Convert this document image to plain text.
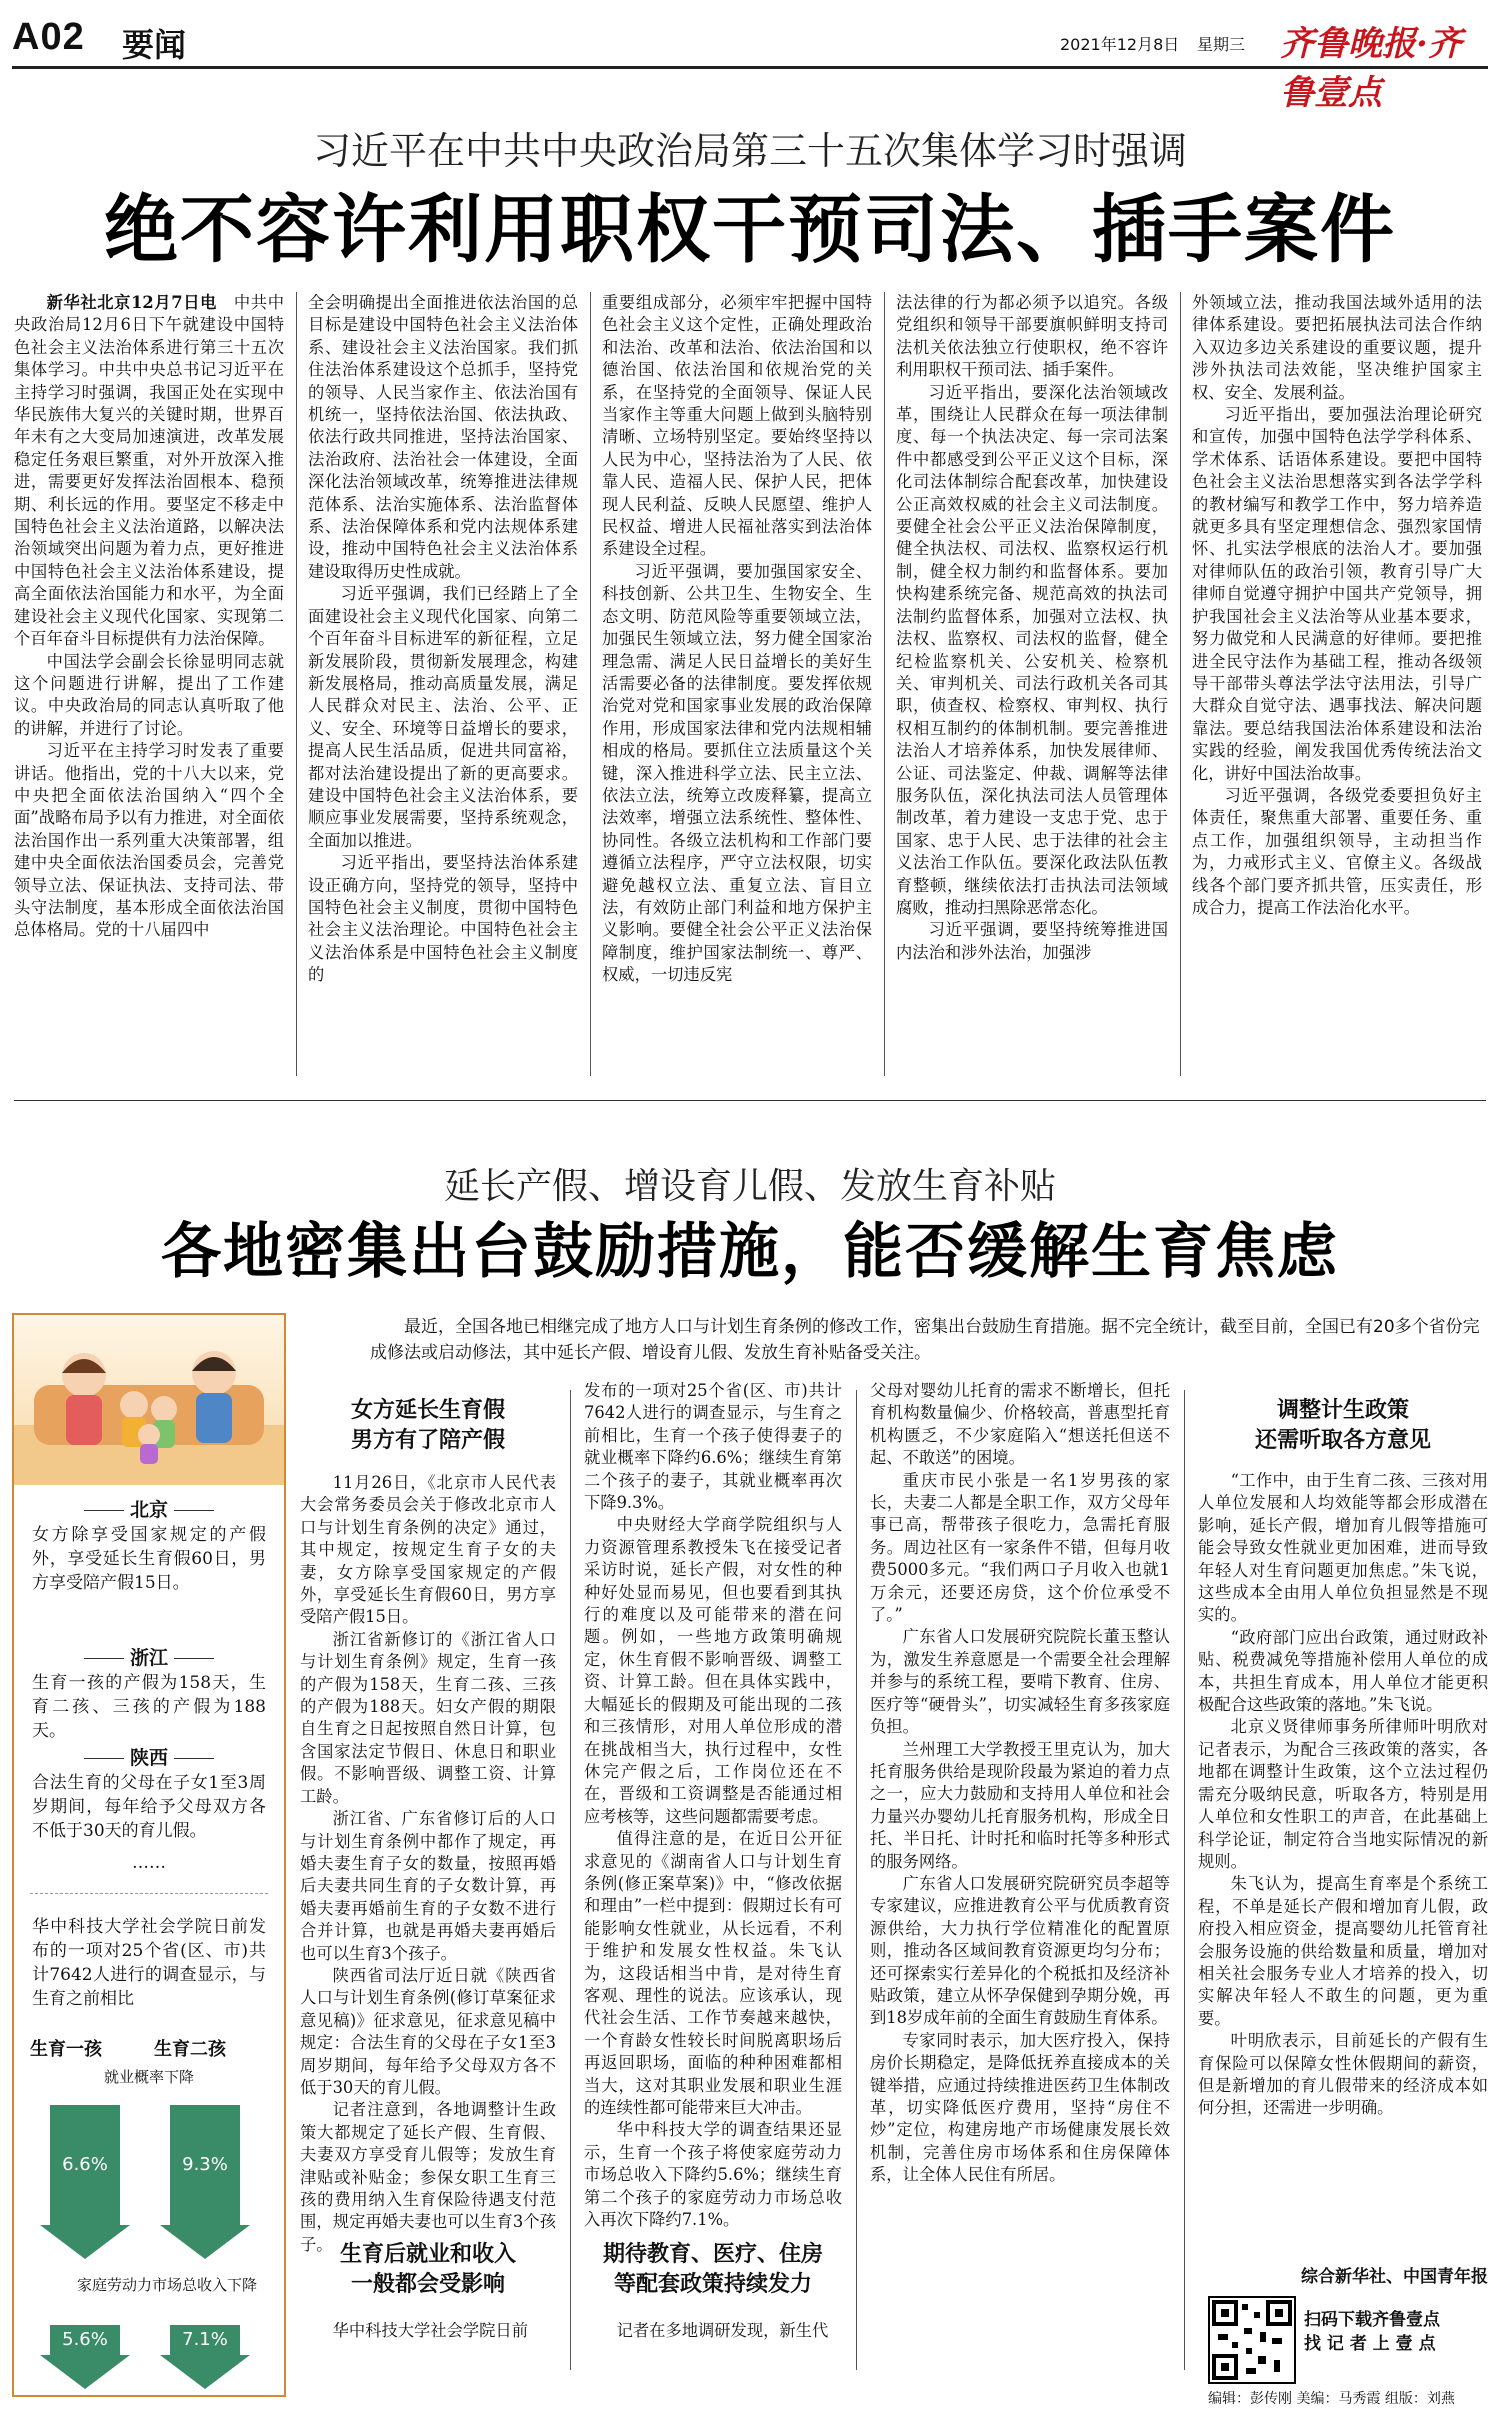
A02 要闻	2021年12月8日 星期三 齐鲁晚报·齐鲁壹点
习近平在中共中央政治局第三十五次集体学习时强调
绝不容许利用职权干预司法、插手案件

新华社北京12月7日电　中共中央政治局12月6日下午就建设中国特色社会主义法治体系进行第三十五次集体学习。中共中央总书记习近平在主持学习时强调，我国正处在实现中华民族伟大复兴的关键时期，世界百年未有之大变局加速演进，改革发展稳定任务艰巨繁重，对外开放深入推进，需要更好发挥法治固根本、稳预期、利长远的作用。要坚定不移走中国特色社会主义法治道路，以解决法治领域突出问题为着力点，更好推进中国特色社会主义法治体系建设，提高全面依法治国能力和水平，为全面建设社会主义现代化国家、实现第二个百年奋斗目标提供有力法治保障。

中国法学会副会长徐显明同志就这个问题进行讲解，提出了工作建议。中央政治局的同志认真听取了他的讲解，并进行了讨论。

习近平在主持学习时发表了重要讲话。他指出，党的十八大以来，党中央把全面依法治国纳入“四个全面”战略布局予以有力推进，对全面依法治国作出一系列重大决策部署，组建中央全面依法治国委员会，完善党领导立法、保证执法、支持司法、带头守法制度，基本形成全面依法治国总体格局。党的十八届四中

全会明确提出全面推进依法治国的总目标是建设中国特色社会主义法治体系、建设社会主义法治国家。我们抓住法治体系建设这个总抓手，坚持党的领导、人民当家作主、依法治国有机统一，坚持依法治国、依法执政、依法行政共同推进，坚持法治国家、法治政府、法治社会一体建设，全面深化法治领域改革，统筹推进法律规范体系、法治实施体系、法治监督体系、法治保障体系和党内法规体系建设，推动中国特色社会主义法治体系建设取得历史性成就。

习近平强调，我们已经踏上了全面建设社会主义现代化国家、向第二个百年奋斗目标进军的新征程，立足新发展阶段，贯彻新发展理念，构建新发展格局，推动高质量发展，满足人民群众对民主、法治、公平、正义、安全、环境等日益增长的要求，提高人民生活品质，促进共同富裕，都对法治建设提出了新的更高要求。建设中国特色社会主义法治体系，要顺应事业发展需要，坚持系统观念，全面加以推进。

习近平指出，要坚持法治体系建设正确方向，坚持党的领导，坚持中国特色社会主义制度，贯彻中国特色社会主义法治理论。中国特色社会主义法治体系是中国特色社会主义制度的

重要组成部分，必须牢牢把握中国特色社会主义这个定性，正确处理政治和法治、改革和法治、依法治国和以德治国、依法治国和依规治党的关系，在坚持党的全面领导、保证人民当家作主等重大问题上做到头脑特别清晰、立场特别坚定。要始终坚持以人民为中心，坚持法治为了人民、依靠人民、造福人民、保护人民，把体现人民利益、反映人民愿望、维护人民权益、增进人民福祉落实到法治体系建设全过程。

习近平强调，要加强国家安全、科技创新、公共卫生、生物安全、生态文明、防范风险等重要领域立法，加强民生领域立法，努力健全国家治理急需、满足人民日益增长的美好生活需要必备的法律制度。要发挥依规治党对党和国家事业发展的政治保障作用，形成国家法律和党内法规相辅相成的格局。要抓住立法质量这个关键，深入推进科学立法、民主立法、依法立法，统筹立改废释纂，提高立法效率，增强立法系统性、整体性、协同性。各级立法机构和工作部门要遵循立法程序，严守立法权限，切实避免越权立法、重复立法、盲目立法，有效防止部门利益和地方保护主义影响。要健全社会公平正义法治保障制度，维护国家法制统一、尊严、权威，一切违反宪

法法律的行为都必须予以追究。各级党组织和领导干部要旗帜鲜明支持司法机关依法独立行使职权，绝不容许利用职权干预司法、插手案件。

习近平指出，要深化法治领域改革，围绕让人民群众在每一项法律制度、每一个执法决定、每一宗司法案件中都感受到公平正义这个目标，深化司法体制综合配套改革，加快建设公正高效权威的社会主义司法制度。要健全社会公平正义法治保障制度，健全执法权、司法权、监察权运行机制，健全权力制约和监督体系。要加快构建系统完备、规范高效的执法司法制约监督体系，加强对立法权、执法权、监察权、司法权的监督，健全纪检监察机关、公安机关、检察机关、审判机关、司法行政机关各司其职，侦查权、检察权、审判权、执行权相互制约的体制机制。要完善推进法治人才培养体系，加快发展律师、公证、司法鉴定、仲裁、调解等法律服务队伍，深化执法司法人员管理体制改革，着力建设一支忠于党、忠于国家、忠于人民、忠于法律的社会主义法治工作队伍。要深化政法队伍教育整顿，继续依法打击执法司法领域腐败，推动扫黑除恶常态化。

习近平强调，要坚持统筹推进国内法治和涉外法治，加强涉

外领域立法，推动我国法域外适用的法律体系建设。要把拓展执法司法合作纳入双边多边关系建设的重要议题，提升涉外执法司法效能，坚决维护国家主权、安全、发展利益。

习近平指出，要加强法治理论研究和宣传，加强中国特色法学学科体系、学术体系、话语体系建设。要把中国特色社会主义法治思想落实到各法学学科的教材编写和教学工作中，努力培养造就更多具有坚定理想信念、强烈家国情怀、扎实法学根底的法治人才。要加强对律师队伍的政治引领，教育引导广大律师自觉遵守拥护中国共产党领导，拥护我国社会主义法治等从业基本要求，努力做党和人民满意的好律师。要把推进全民守法作为基础工程，推动各级领导干部带头尊法学法守法用法，引导广大群众自觉守法、遇事找法、解决问题靠法。要总结我国法治体系建设和法治实践的经验，阐发我国优秀传统法治文化，讲好中国法治故事。

习近平强调，各级党委要担负好主体责任，聚焦重大部署、重要任务、重点工作，加强组织领导，主动担当作为，力戒形式主义、官僚主义。各级战线各个部门要齐抓共管，压实责任，形成合力，提高工作法治化水平。

延长产假、增设育儿假、发放生育补贴
各地密集出台鼓励措施，能否缓解生育焦虑
最近，全国各地已相继完成了地方人口与计划生育条例的修改工作，密集出台鼓励生育措施。据不完全统计，截至目前，全国已有20多个省份完成修法或启动修法，其中延长产假、增设育儿假、发放生育补贴备受关注。
北京
女方除享受国家规定的产假外，享受延长生育假60日，男方享受陪产假15日。
浙江
生育一孩的产假为158天，生育二孩、三孩的产假为188天。
陕西
合法生育的父母在子女1至3周岁期间，每年给予父母双方各不低于30天的育儿假。
……
华中科技大学社会学院日前发布的一项对25个省(区、市)共计7642人进行的调查显示，与生育之前相比
生育一孩	生育二孩
就业概率下降
6.6%	9.3%
家庭劳动力市场总收入下降
5.6%	7.1%
女方延长生育假
男方有了陪产假

11月26日，《北京市人民代表大会常务委员会关于修改北京市人口与计划生育条例的决定》通过，其中规定，按规定生育子女的夫妻，女方除享受国家规定的产假外，享受延长生育假60日，男方享受陪产假15日。

浙江省新修订的《浙江省人口与计划生育条例》规定，生育一孩的产假为158天，生育二孩、三孩的产假为188天。妇女产假的期限自生育之日起按照自然日计算，包含国家法定节假日、休息日和职业假。不影响晋级、调整工资、计算工龄。

浙江省、广东省修订后的人口与计划生育条例中都作了规定，再婚夫妻生育子女的数量，按照再婚后夫妻共同生育的子女数计算，再婚夫妻再婚前生育的子女数不进行合并计算，也就是再婚夫妻再婚后也可以生育3个孩子。

陕西省司法厅近日就《陕西省人口与计划生育条例(修订草案征求意见稿)》征求意见，征求意见稿中规定：合法生育的父母在子女1至3周岁期间，每年给予父母双方各不低于30天的育儿假。

记者注意到，各地调整计生政策大都规定了延长产假、生育假、夫妻双方享受育儿假等；发放生育津贴或补贴金；参保女职工生育三孩的费用纳入生育保险待遇支付范围，规定再婚夫妻也可以生育3个孩子。 生育后就业和收入
一般都会受影响

华中科技大学社会学院日前

发布的一项对25个省(区、市)共计7642人进行的调查显示，与生育之前相比，生育一个孩子使得妻子的就业概率下降约6.6%；继续生育第二个孩子的妻子，其就业概率再次下降9.3%。

中央财经大学商学院组织与人力资源管理系教授朱飞在接受记者采访时说，延长产假，对女性的种种好处显而易见，但也要看到其执行的难度以及可能带来的潜在问题。例如，一些地方政策明确规定，休生育假不影响晋级、调整工资、计算工龄。但在具体实践中，大幅延长的假期及可能出现的二孩和三孩情形，对用人单位形成的潜在挑战相当大，执行过程中，女性休完产假之后，工作岗位还在不在，晋级和工资调整是否能通过相应考核等，这些问题都需要考虑。

值得注意的是，在近日公开征求意见的《湖南省人口与计划生育条例(修正案草案)》中，“修改依据和理由”一栏中提到：假期过长有可能影响女性就业，从长远看，不利于维护和发展女性权益。朱飞认为，这段话相当中肯，是对待生育客观、理性的说法。应该承认，现代社会生活、工作节奏越来越快，一个育龄女性较长时间脱离职场后再返回职场，面临的种种困难都相当大，这对其职业发展和职业生涯的连续性都可能带来巨大冲击。

华中科技大学的调查结果还显示，生育一个孩子将使家庭劳动力市场总收入下降约5.6%；继续生育第二个孩子的家庭劳动力市场总收入再次下降约7.1%。

期待教育、医疗、住房
等配套政策持续发力

记者在多地调研发现，新生代

父母对婴幼儿托育的需求不断增长，但托育机构数量偏少、价格较高，普惠型托育机构匮乏，不少家庭陷入“想送托但送不起、不敢送”的困境。

重庆市民小张是一名1岁男孩的家长，夫妻二人都是全职工作，双方父母年事已高，帮带孩子很吃力，急需托育服务。周边社区有一家条件不错，但每月收费5000多元。“我们两口子月收入也就1万余元，还要还房贷，这个价位承受不了。”

广东省人口发展研究院院长董玉整认为，激发生养意愿是一个需要全社会理解并参与的系统工程，要啃下教育、住房、医疗等“硬骨头”，切实减轻生育多孩家庭负担。

兰州理工大学教授王里克认为，加大托育服务供给是现阶段最为紧迫的着力点之一，应大力鼓励和支持用人单位和社会力量兴办婴幼儿托育服务机构，形成全日托、半日托、计时托和临时托等多种形式的服务网络。

广东省人口发展研究院研究员李超等专家建议，应推进教育公平与优质教育资源供给，大力执行学位精准化的配置原则，推动各区域间教育资源更均匀分布；还可探索实行差异化的个税抵扣及经济补贴政策，建立从怀孕保健到孕期分娩，再到18岁成年前的全面生育鼓励生育体系。

专家同时表示，加大医疗投入，保持房价长期稳定，是降低抚养直接成本的关键举措，应通过持续推进医药卫生体制改革，切实降低医疗费用，坚持“房住不炒”定位，构建房地产市场健康发展长效机制，完善住房市场体系和住房保障体系，让全体人民住有所居。

调整计生政策
还需听取各方意见

“工作中，由于生育二孩、三孩对用人单位发展和人均效能等都会形成潜在影响，延长产假，增加育儿假等措施可能会导致女性就业更加困难，进而导致年轻人对生育问题更加焦虑。”朱飞说，这些成本全由用人单位负担显然是不现实的。

“政府部门应出台政策，通过财政补贴、税费减免等措施补偿用人单位的成本，共担生育成本，用人单位才能更积极配合这些政策的落地。”朱飞说。

北京义贤律师事务所律师叶明欣对记者表示，为配合三孩政策的落实，各地都在调整计生政策，这个立法过程仍需充分吸纳民意，听取各方，特别是用人单位和女性职工的声音，在此基础上科学论证，制定符合当地实际情况的新规则。

朱飞认为，提高生育率是个系统工程，不单是延长产假和增加育儿假，政府投入相应资金，提高婴幼儿托管育社会服务设施的供给数量和质量，增加对相关社会服务专业人才培养的投入，切实解决年轻人不敢生的问题，更为重要。

叶明欣表示，目前延长的产假有生育保险可以保障女性休假期间的薪资，但是新增加的育儿假带来的经济成本如何分担，还需进一步明确。

综合新华社、中国青年报
扫码下载齐鲁壹点
找 记 者 上 壹 点
编辑：彭传刚 美编：马秀霞 组版：刘燕
